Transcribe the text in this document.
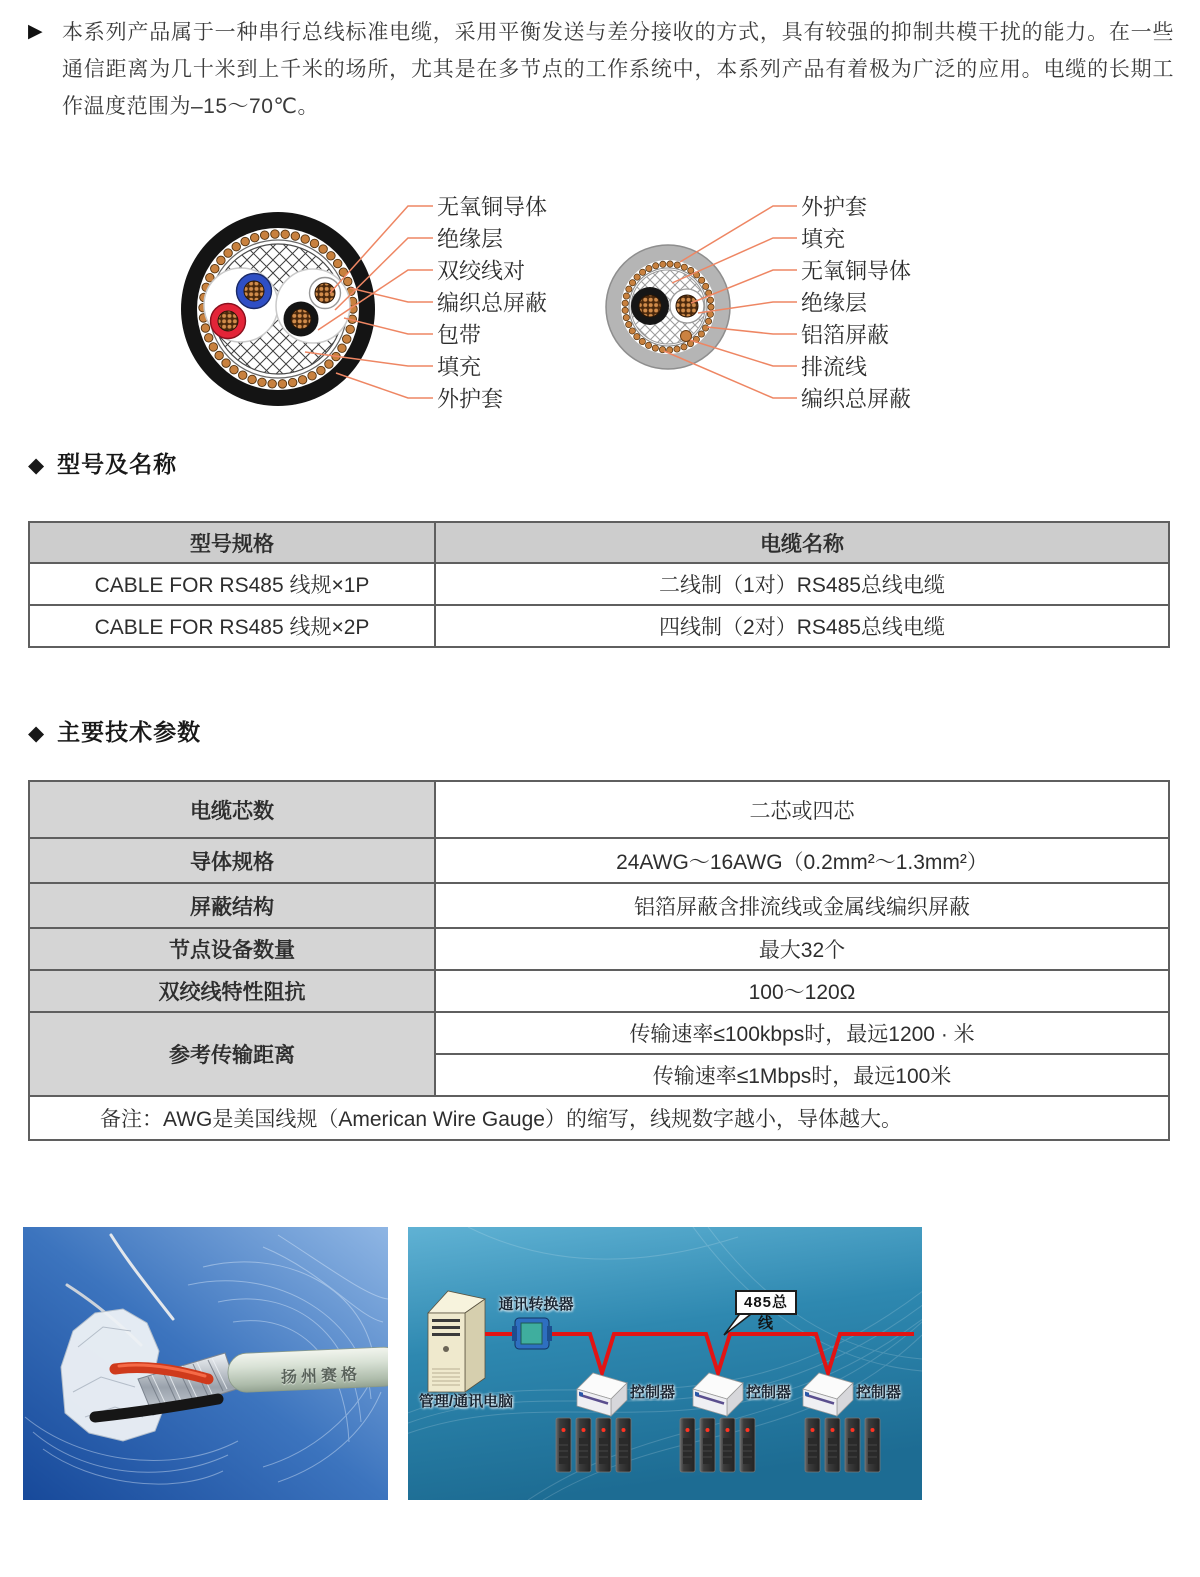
▶ 本系列产品属于一种串行总线标准电缆，采用平衡发送与差分接收的方式，具有较强的抑制共模干扰的能力。在一些通信距离为几十米到上千米的场所，尤其是在多节点的工作系统中，本系列产品有着极为广泛的应用。电缆的长期工作温度范围为–15～70℃。
无氧铜导体
绝缘层
双绞线对
编织总屏蔽
包带
填充
外护套
外护套
填充
无氧铜导体
绝缘层
铝箔屏蔽
排流线
编织总屏蔽
◆ 型号及名称
型号规格	电缆名称
CABLE FOR RS485 线规×1P	二线制（1对）RS485总线电缆
CABLE FOR RS485 线规×2P	四线制（2对）RS485总线电缆
◆ 主要技术参数
电缆芯数	二芯或四芯
导体规格	24AWG～16AWG（0.2mm²～1.3mm²）
屏蔽结构	铝箔屏蔽含排流线或金属线编织屏蔽
节点设备数量	最大32个
双绞线特性阻抗	100～120Ω
参考传输距离	传输速率≤100kbps时，最远1200 · 米
	传输速率≤1Mbps时，最远100米
备注：AWG是美国线规（American Wire Gauge）的缩写，线规数字越小，导体越大。	
扬州赛格
管理/通讯电脑
通讯转换器	485总线
控制器	控制器	控制器
